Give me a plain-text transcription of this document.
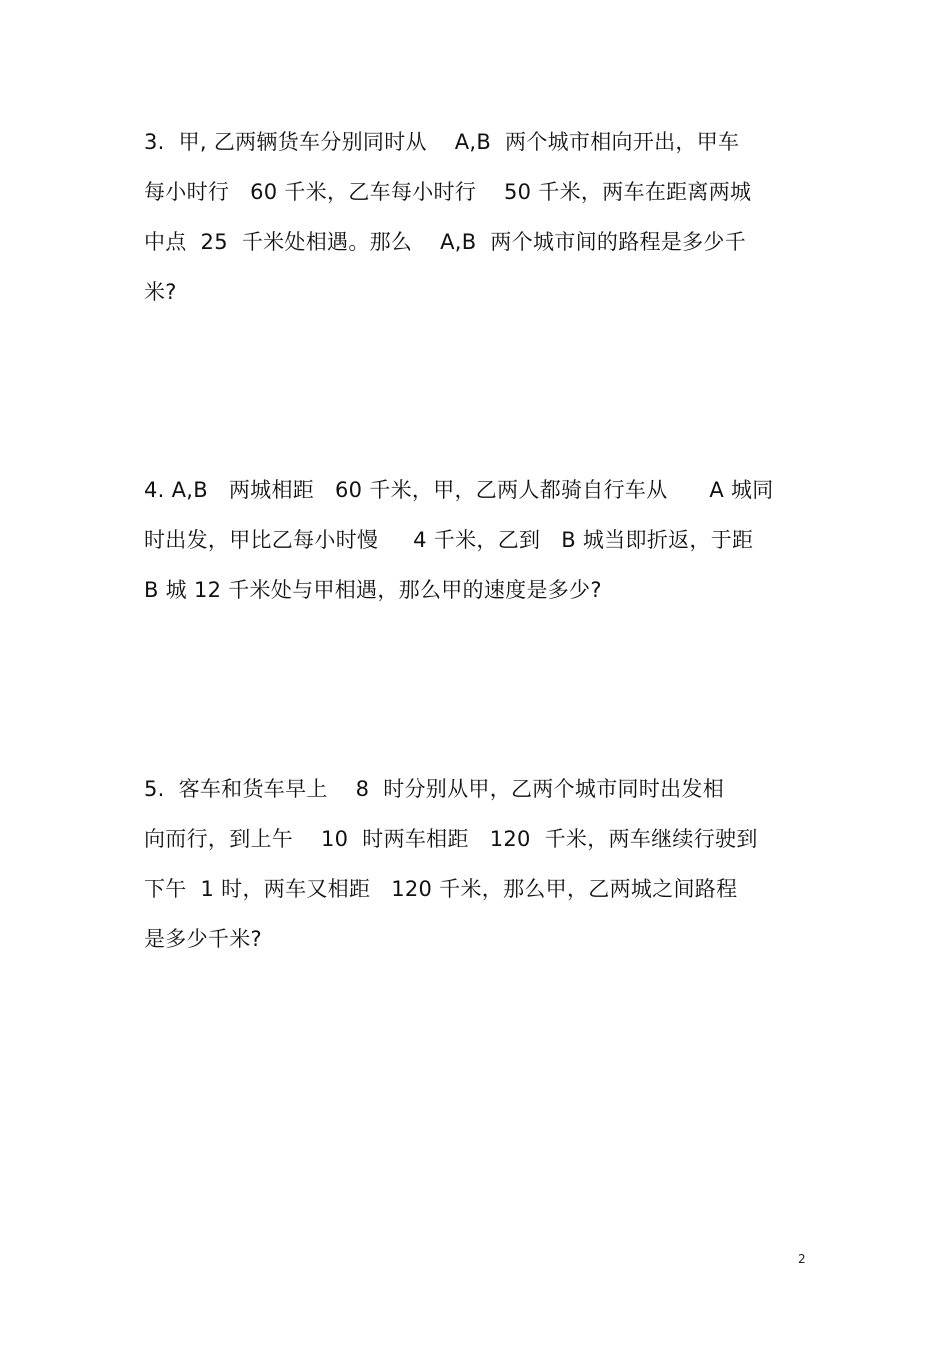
3.  甲, 乙两辆货车分别同时从    A,B  两个城市相向开出，甲车
每小时行   60 千米，乙车每小时行    50 千米，两车在距离两城
中点  25  千米处相遇。那么    A,B  两个城市间的路程是多少千
米?
4. A,B   两城相距   60 千米，甲，乙两人都骑自行车从      A 城同
时出发，甲比乙每小时慢     4 千米，乙到   B 城当即折返，于距
B 城 12 千米处与甲相遇，那么甲的速度是多少?
5.  客车和货车早上    8  时分别从甲，乙两个城市同时出发相
向而行，到上午    10  时两车相距   120  千米，两车继续行驶到
下午  1 时，两车又相距   120 千米，那么甲，乙两城之间路程
是多少千米?
2
